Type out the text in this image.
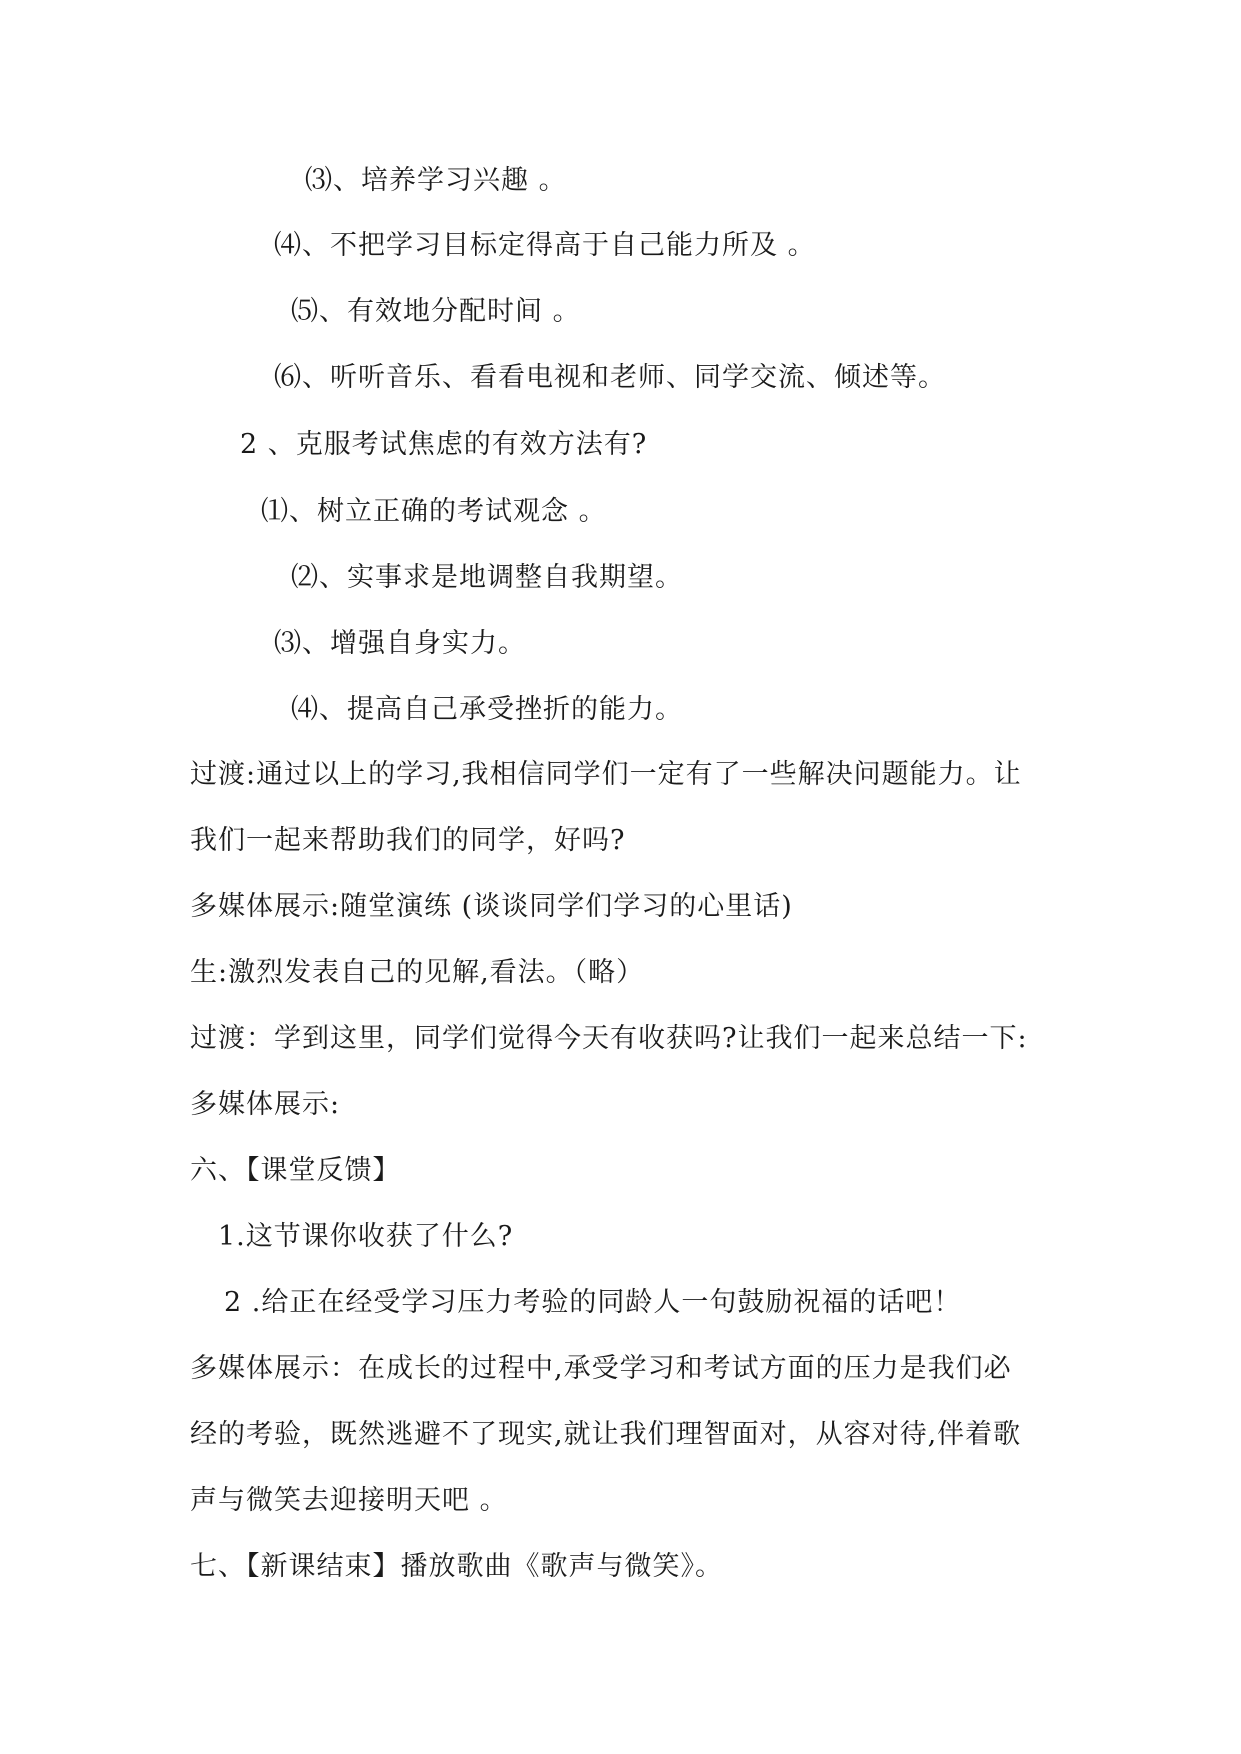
⑶、培养学习兴趣 。
⑷、不把学习目标定得高于自己能力所及 。
⑸、有效地分配时间 。
⑹、听听音乐、看看电视和老师、同学交流、倾述等。
2 、克服考试焦虑的有效方法有?
⑴、树立正确的考试观念 。
⑵、实事求是地调整自我期望。
⑶、增强自身实力。
⑷、提高自己承受挫折的能力。
过渡:通过以上的学习,我相信同学们一定有了一些解决问题能力。让
我们一起来帮助我们的同学，好吗?
多媒体展示:随堂演练 (谈谈同学们学习的心里话)
生:激烈发表自己的见解,看法。（略）
过渡：学到这里，同学们觉得今天有收获吗?让我们一起来总结一下:
多媒体展示:
六、【课堂反馈】
1.这节课你收获了什么?
2 .给正在经受学习压力考验的同龄人一句鼓励祝福的话吧！
多媒体展示：在成长的过程中,承受学习和考试方面的压力是我们必
经的考验，既然逃避不了现实,就让我们理智面对，从容对待,伴着歌
声与微笑去迎接明天吧 。
七、【新课结束】播放歌曲《歌声与微笑》。
